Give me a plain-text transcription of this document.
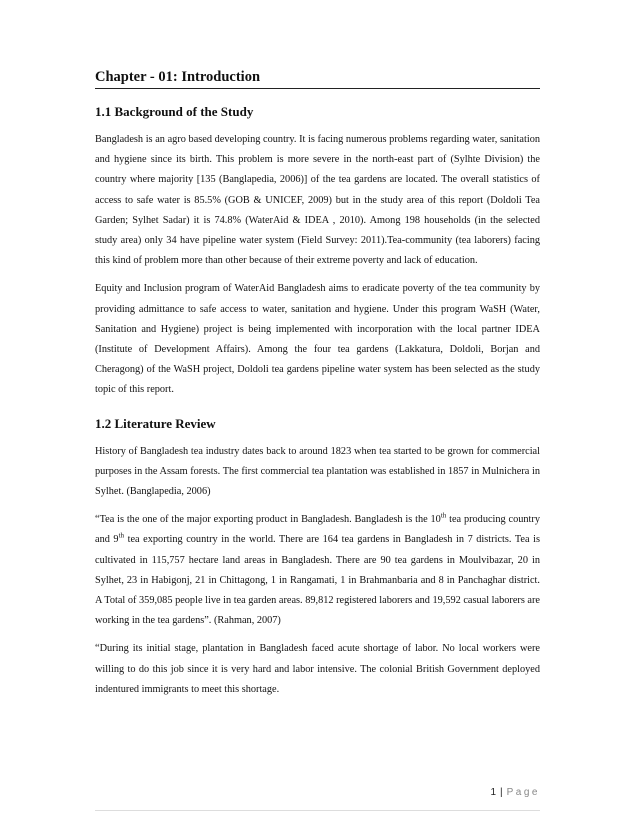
Chapter - 01: Introduction
1.1 Background of the Study

Bangladesh is an agro based developing country. It is facing numerous problems regarding water, sanitation and hygiene since its birth. This problem is more severe in the north-east part of (Sylhte Division) the country where majority [135 (Banglapedia, 2006)] of the tea gardens are located. The overall statistics of access to safe water is 85.5% (GOB & UNICEF, 2009) but in the study area of this report (Doldoli Tea Garden; Sylhet Sadar) it is 74.8% (WaterAid & IDEA , 2010). Among 198 households (in the selected study area) only 34 have pipeline water system (Field Survey: 2011).Tea-community (tea laborers) facing this kind of problem more than other because of their extreme poverty and lack of education.

Equity and Inclusion program of WaterAid Bangladesh aims to eradicate poverty of the tea community by providing admittance to safe access to water, sanitation and hygiene. Under this program WaSH (Water, Sanitation and Hygiene) project is being implemented with incorporation with the local partner IDEA (Institute of Development Affairs). Among the four tea gardens (Lakkatura, Doldoli, Borjan and Cheragong) of the WaSH project, Doldoli tea gardens pipeline water system has been selected as the study topic of this report.

1.2 Literature Review

History of Bangladesh tea industry dates back to around 1823 when tea started to be grown for commercial purposes in the Assam forests. The first commercial tea plantation was established in 1857 in Mulnichera in Sylhet. (Banglapedia, 2006)

“Tea is the one of the major exporting product in Bangladesh. Bangladesh is the 10th tea producing country and 9th tea exporting country in the world. There are 164 tea gardens in Bangladesh in 7 districts. Tea is cultivated in 115,757 hectare land areas in Bangladesh. There are 90 tea gardens in Moulvibazar, 20 in Sylhet, 23 in Habigonj, 21 in Chittagong, 1 in Rangamati, 1 in Brahmanbaria and 8 in Panchaghar district. A Total of 359,085 people live in tea garden areas. 89,812 registered laborers and 19,592 casual laborers are working in the tea gardens”. (Rahman, 2007)

“During its initial stage, plantation in Bangladesh faced acute shortage of labor. No local workers were willing to do this job since it is very hard and labor intensive. The colonial British Government deployed indentured immigrants to meet this shortage.

1 | Page
